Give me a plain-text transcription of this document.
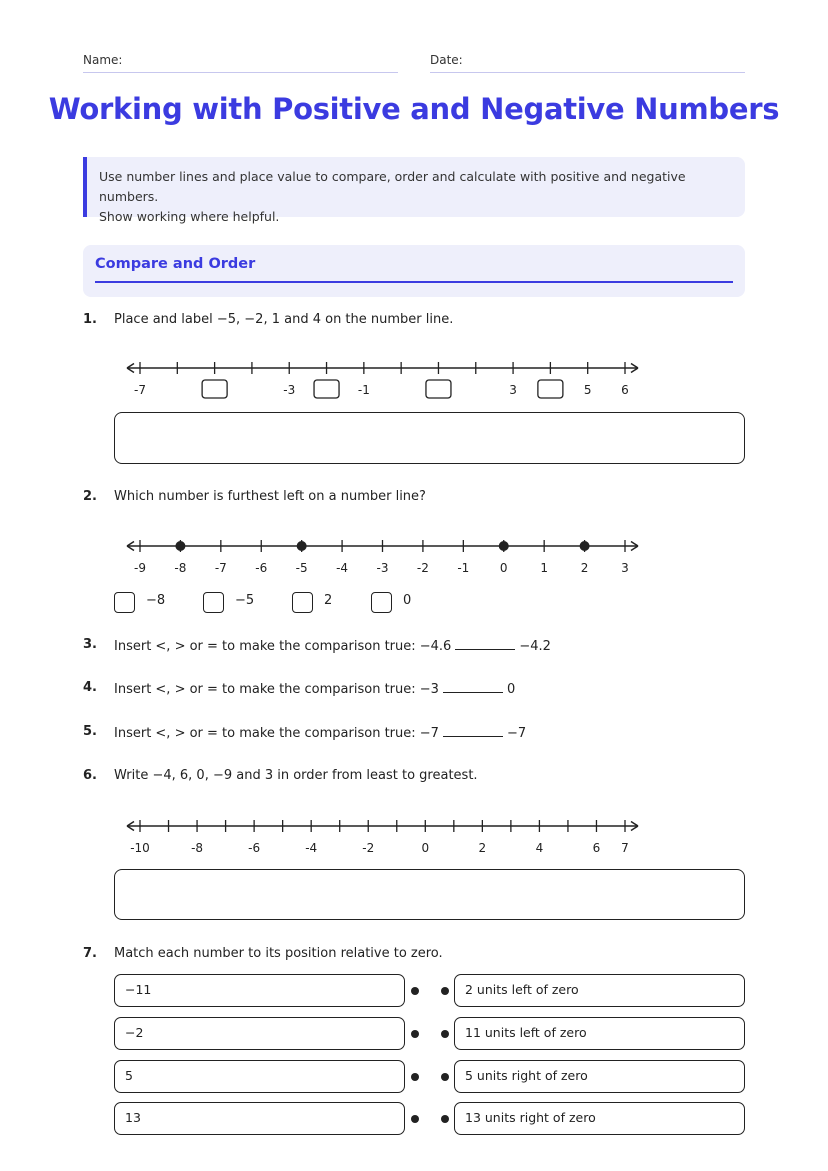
Name:	Date:
Working with Positive and Negative Numbers
Use number lines and place value to compare, order and calculate with positive and negative numbers.
Show working where helpful.
Compare and Order
1. Place and label −5, −2, 1 and 4 on the number line.
-7	-3	-1	3	5 6
2. Which number is furthest left on a number line?
-9 -8 -7 -6 -5 -4 -3 -2 -1	0	1	2	3
−8	−5	2	0
3. Insert <, > or = to make the comparison true: −4.6	−4.2
4. Insert <, > or = to make the comparison true: −3	0
5. Insert <, > or = to make the comparison true: −7	−7
6. Write −4, 6, 0, −9 and 3 in order from least to greatest.
-10	-8	-6	-4	-2	0	2	4	6 7
7. Match each number to its position relative to zero.
−11	2 units left of zero
−2	11 units left of zero
5	5 units right of zero
13	13 units right of zero
